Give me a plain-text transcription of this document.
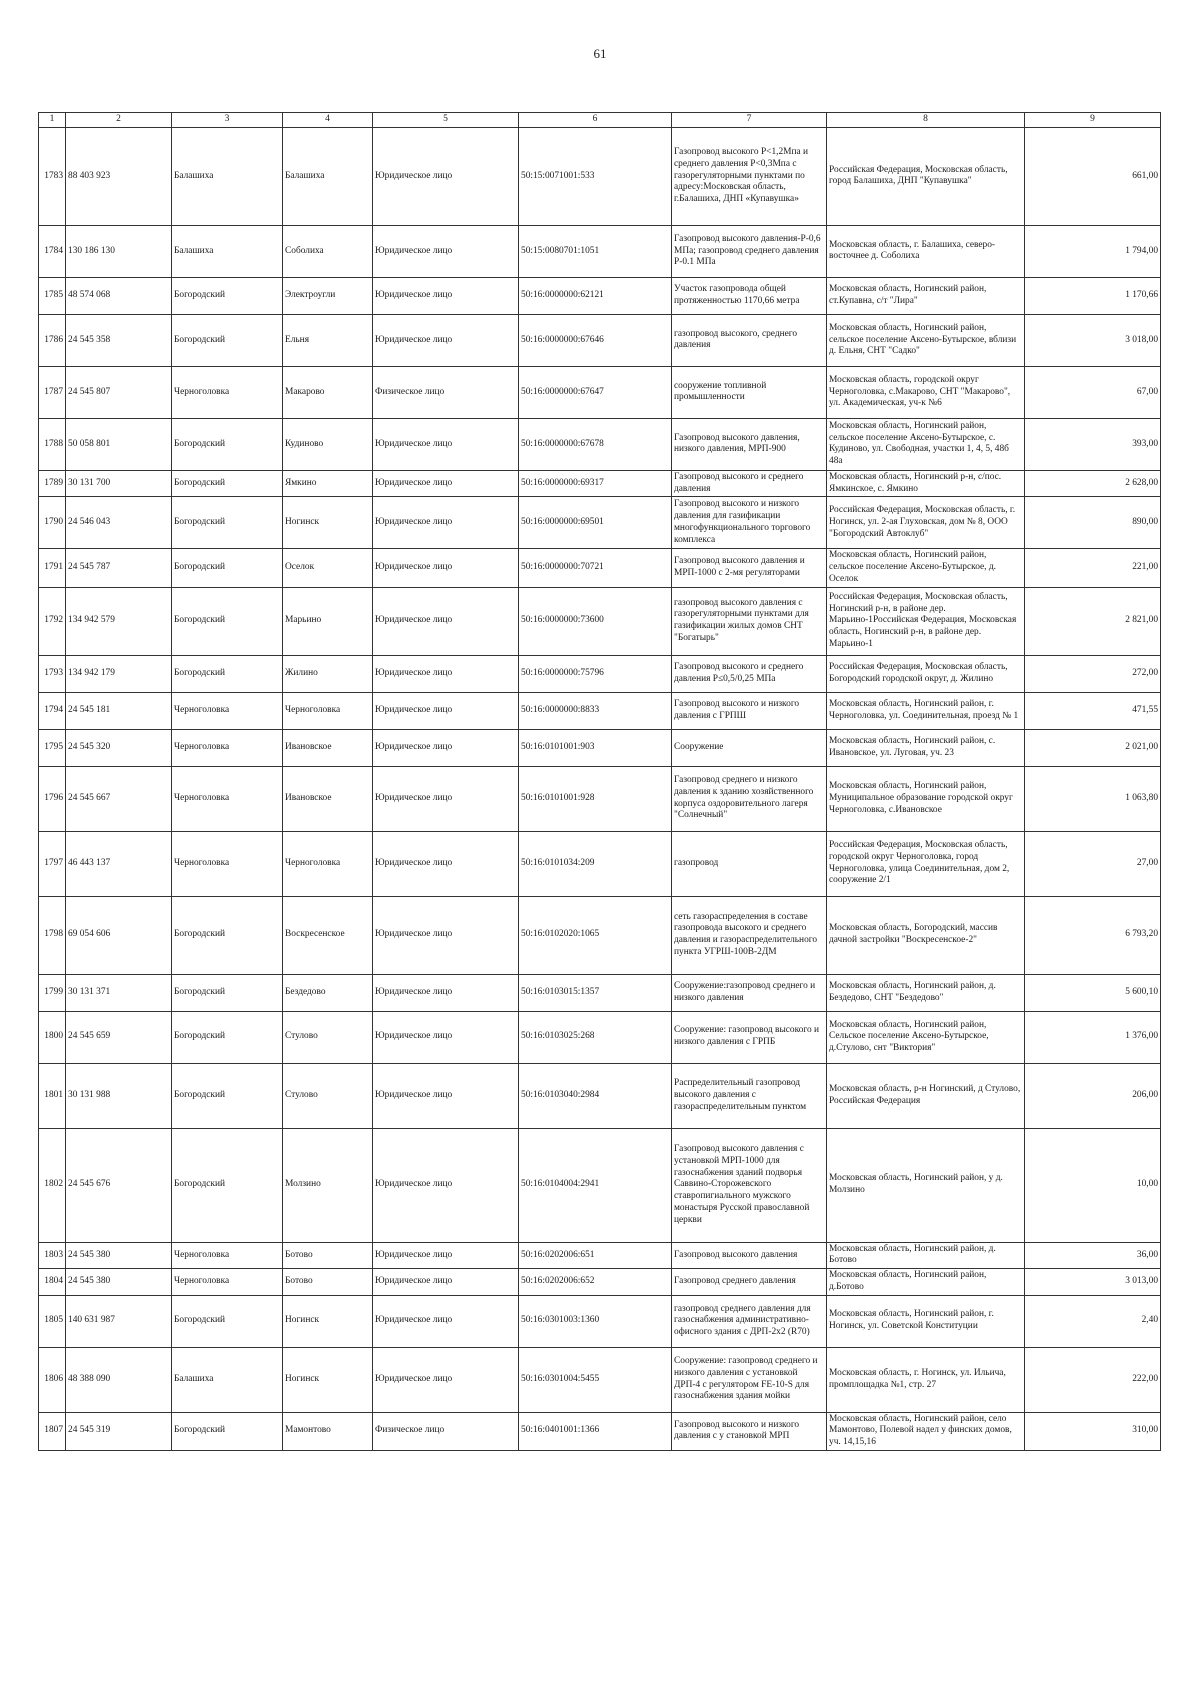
61
1	2	3	4	5	6	7	8	9
1783	88 403 923	Балашиха	Балашиха	Юридическое лицо	50:15:0071001:533	Газопровод высокого Р<1,2Мпа и среднего давления Р<0,3Мпа с газорегуляторными пунктами по адресу:Московская область, г.Балашиха, ДНП «Купавушка»	Российская Федерация, Московская область, город Балашиха, ДНП "Купавушка"	661,00
1784	130 186 130	Балашиха	Соболиха	Юридическое лицо	50:15:0080701:1051	Газопровод высокого давления-Р-0,6 МПа; газопровод среднего давления Р-0.1 МПа	Московская область, г. Балашиха, северо-восточнее д. Соболиха	1 794,00
1785	48 574 068	Богородский	Электроугли	Юридическое лицо	50:16:0000000:62121	Участок газопровода общей протяженностью 1170,66 метра	Московская область, Ногинский район, ст.Купавна, с/т "Лира"	1 170,66
1786	24 545 358	Богородский	Ельня	Юридическое лицо	50:16:0000000:67646	газопровод высокого, среднего давления	Московская область, Ногинский район, сельское поселение Аксено-Бутырское, вблизи д. Ельня, СНТ "Садко"	3 018,00
1787	24 545 807	Черноголовка	Макарово	Физическое лицо	50:16:0000000:67647	сооружение топливной промышленности	Московская область, городской округ Черноголовка, с.Макарово, СНТ "Макарово", ул. Академическая, уч-к №6	67,00
1788	50 058 801	Богородский	Кудиново	Юридическое лицо	50:16:0000000:67678	Газопровод высокого давления, низкого давления, МРП-900	Московская область, Ногинский район, сельское поселение Аксено-Бутырское, с. Кудиново, ул. Свободная, участки 1, 4, 5, 48б 48а	393,00
1789	30 131 700	Богородский	Ямкино	Юридическое лицо	50:16:0000000:69317	Газопровод высокого и среднего давления	Московская область, Ногинский р-н, с/пос. Ямкинское, с. Ямкино	2 628,00
1790	24 546 043	Богородский	Ногинск	Юридическое лицо	50:16:0000000:69501	Газопровод высокого и низкого давления для газификации многофункционального торгового комплекса	Российская Федерация, Московская область, г. Ногинск, ул. 2-ая Глуховская, дом № 8, ООО "Богородский Автоклуб"	890,00
1791	24 545 787	Богородский	Оселок	Юридическое лицо	50:16:0000000:70721	Газопровод высокого давления и МРП-1000 с 2-мя регуляторами	Московская область, Ногинский район, сельское поселение Аксено-Бутырское, д. Оселок	221,00
1792	134 942 579	Богородский	Марьино	Юридическое лицо	50:16:0000000:73600	газопровод высокого давления с газорегуляторными пунктами для газификации жилых домов СНТ "Богатырь"	Российская Федерация, Московская область, Ногинский р-н, в районе дер. Марьино-1Российская Федерация, Московская область, Ногинский р-н, в районе дер. Марьино-1	2 821,00
1793	134 942 179	Богородский	Жилино	Юридическое лицо	50:16:0000000:75796	Газопровод высокого и среднего давления Р≤0,5/0,25 МПа	Российская Федерация, Московская область, Богородский городской округ, д. Жилино	272,00
1794	24 545 181	Черноголовка	Черноголовка	Юридическое лицо	50:16:0000000:8833	Газопровод высокого и низкого давления с ГРПШ	Московская область, Ногинский район, г. Черноголовка, ул. Соединительная, проезд № 1	471,55
1795	24 545 320	Черноголовка	Ивановское	Юридическое лицо	50:16:0101001:903	Сооружение	Московская область, Ногинский район, с. Ивановское, ул. Луговая, уч. 23	2 021,00
1796	24 545 667	Черноголовка	Ивановское	Юридическое лицо	50:16:0101001:928	Газопровод среднего и низкого давления к зданию хозяйственного корпуса оздоровительного лагеря "Солнечный"	Московская область, Ногинский район, Муниципальное образование городской округ Черноголовка, с.Ивановское	1 063,80
1797	46 443 137	Черноголовка	Черноголовка	Юридическое лицо	50:16:0101034:209	газопровод	Российская Федерация, Московская область, городской округ Черноголовка, город Черноголовка, улица Соединительная, дом 2, сооружение 2/1	27,00
1798	69 054 606	Богородский	Воскресенское	Юридическое лицо	50:16:0102020:1065	сеть газораспределения в составе газопровода высокого и среднего давления и газораспределительного пункта УГРШ-100В-2ДМ	Московская область, Богородский, массив дачной застройки "Воскресенское-2"	6 793,20
1799	30 131 371	Богородский	Бездедово	Юридическое лицо	50:16:0103015:1357	Сооружение:газопровод среднего и низкого давления	Московская область, Ногинский район, д. Бездедово, СНТ "Бездедово"	5 600,10
1800	24 545 659	Богородский	Стулово	Юридическое лицо	50:16:0103025:268	Сооружение: газопровод высокого и низкого давления с ГРПБ	Московская область, Ногинский район, Сельское поселение Аксено-Бутырское, д.Стулово, снт "Виктория"	1 376,00
1801	30 131 988	Богородский	Стулово	Юридическое лицо	50:16:0103040:2984	Распределительный газопровод высокого давления с газораспределительным пунктом	Московская область, р-н Ногинский, д Стулово, Российская Федерация	206,00
1802	24 545 676	Богородский	Молзино	Юридическое лицо	50:16:0104004:2941	Газопровод высокого давления с установкой МРП-1000 для газоснабжения зданий подворья Саввино-Сторожевского ставропигиального мужского монастыря Русской православной церкви	Московская область, Ногинский район, у д. Молзино	10,00
1803	24 545 380	Черноголовка	Ботово	Юридическое лицо	50:16:0202006:651	Газопровод высокого давления	Московская область, Ногинский район, д. Ботово	36,00
1804	24 545 380	Черноголовка	Ботово	Юридическое лицо	50:16:0202006:652	Газопровод среднего давления	Московская область, Ногинский район, д.Ботово	3 013,00
1805	140 631 987	Богородский	Ногинск	Юридическое лицо	50:16:0301003:1360	газопровод среднего давления для газоснабжения административно-офисного здания с ДРП-2х2 (R70)	Московская область, Ногинский район, г. Ногинск, ул. Советской Конституции	2,40
1806	48 388 090	Балашиха	Ногинск	Юридическое лицо	50:16:0301004:5455	Сооружение: газопровод среднего и низкого давления с установкой ДРП-4 с регулятором FE-10-S для газоснабжения здания мойки	Московская область, г. Ногинск, ул. Ильича, промплощадка №1, стр. 27	222,00
1807	24 545 319	Богородский	Мамонтово	Физическое лицо	50:16:0401001:1366	Газопровод высокого и низкого давления с у становкой МРП	Московская область, Ногинский район, село Мамонтово, Полевой надел у финских домов, уч. 14,15,16	310,00
